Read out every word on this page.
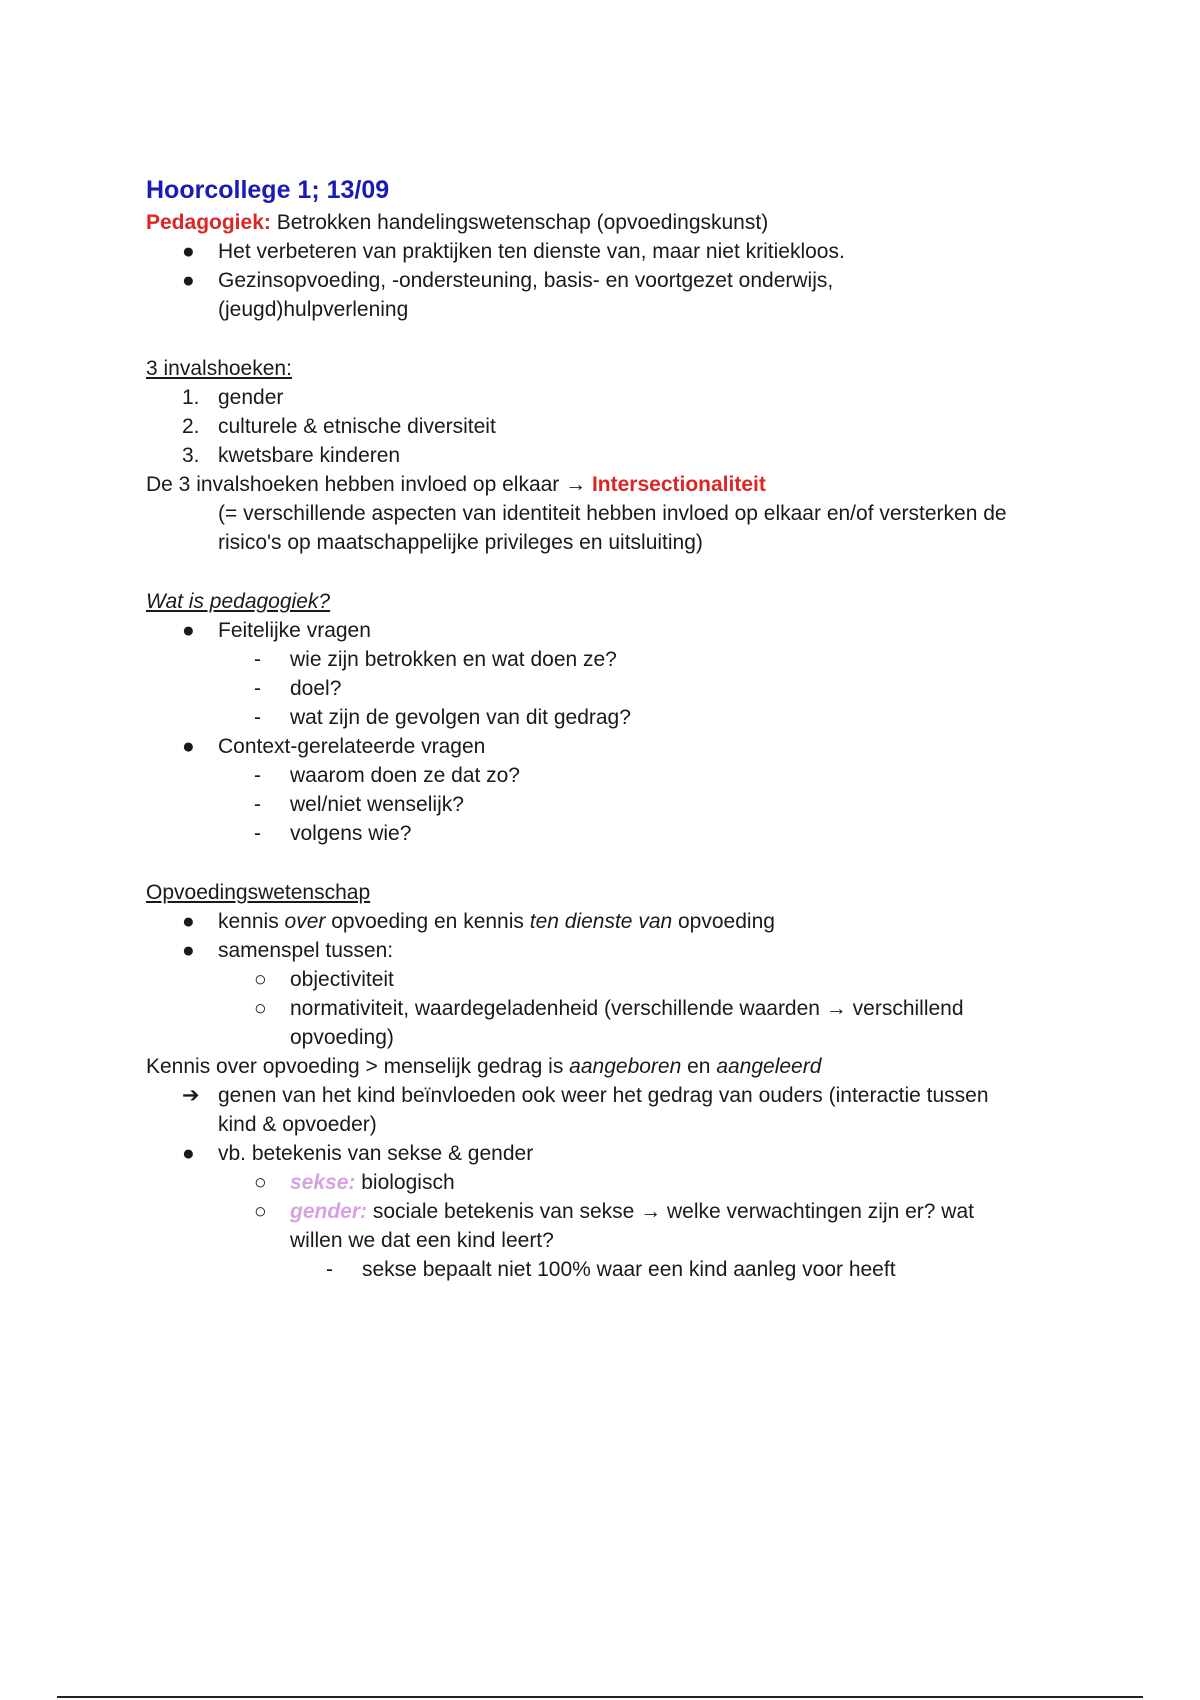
Hoorcollege 1; 13/09
Pedagogiek: Betrokken handelingswetenschap (opvoedingskunst)
● Het verbeteren van praktijken ten dienste van, maar niet kritiekloos.
● Gezinsopvoeding, -ondersteuning, basis- en voortgezet onderwijs,
(jeugd)hulpverlening
3 invalshoeken:
1. gender
2. culturele & etnische diversiteit
3. kwetsbare kinderen
De 3 invalshoeken hebben invloed op elkaar → Intersectionaliteit
(= verschillende aspecten van identiteit hebben invloed op elkaar en/of versterken de
risico's op maatschappelijke privileges en uitsluiting)
Wat is pedagogiek?
● Feitelijke vragen
- wie zijn betrokken en wat doen ze?
- doel?
- wat zijn de gevolgen van dit gedrag?
● Context-gerelateerde vragen
- waarom doen ze dat zo?
- wel/niet wenselijk?
- volgens wie?
Opvoedingswetenschap
● kennis over opvoeding en kennis ten dienste van opvoeding
● samenspel tussen:
○ objectiviteit
○ normativiteit, waardegeladenheid (verschillende waarden → verschillend
opvoeding)
Kennis over opvoeding > menselijk gedrag is aangeboren en aangeleerd
➔ genen van het kind beïnvloeden ook weer het gedrag van ouders (interactie tussen
kind & opvoeder)
● vb. betekenis van sekse & gender
○ sekse: biologisch
○ gender: sociale betekenis van sekse → welke verwachtingen zijn er? wat
willen we dat een kind leert?
- sekse bepaalt niet 100% waar een kind aanleg voor heeft
